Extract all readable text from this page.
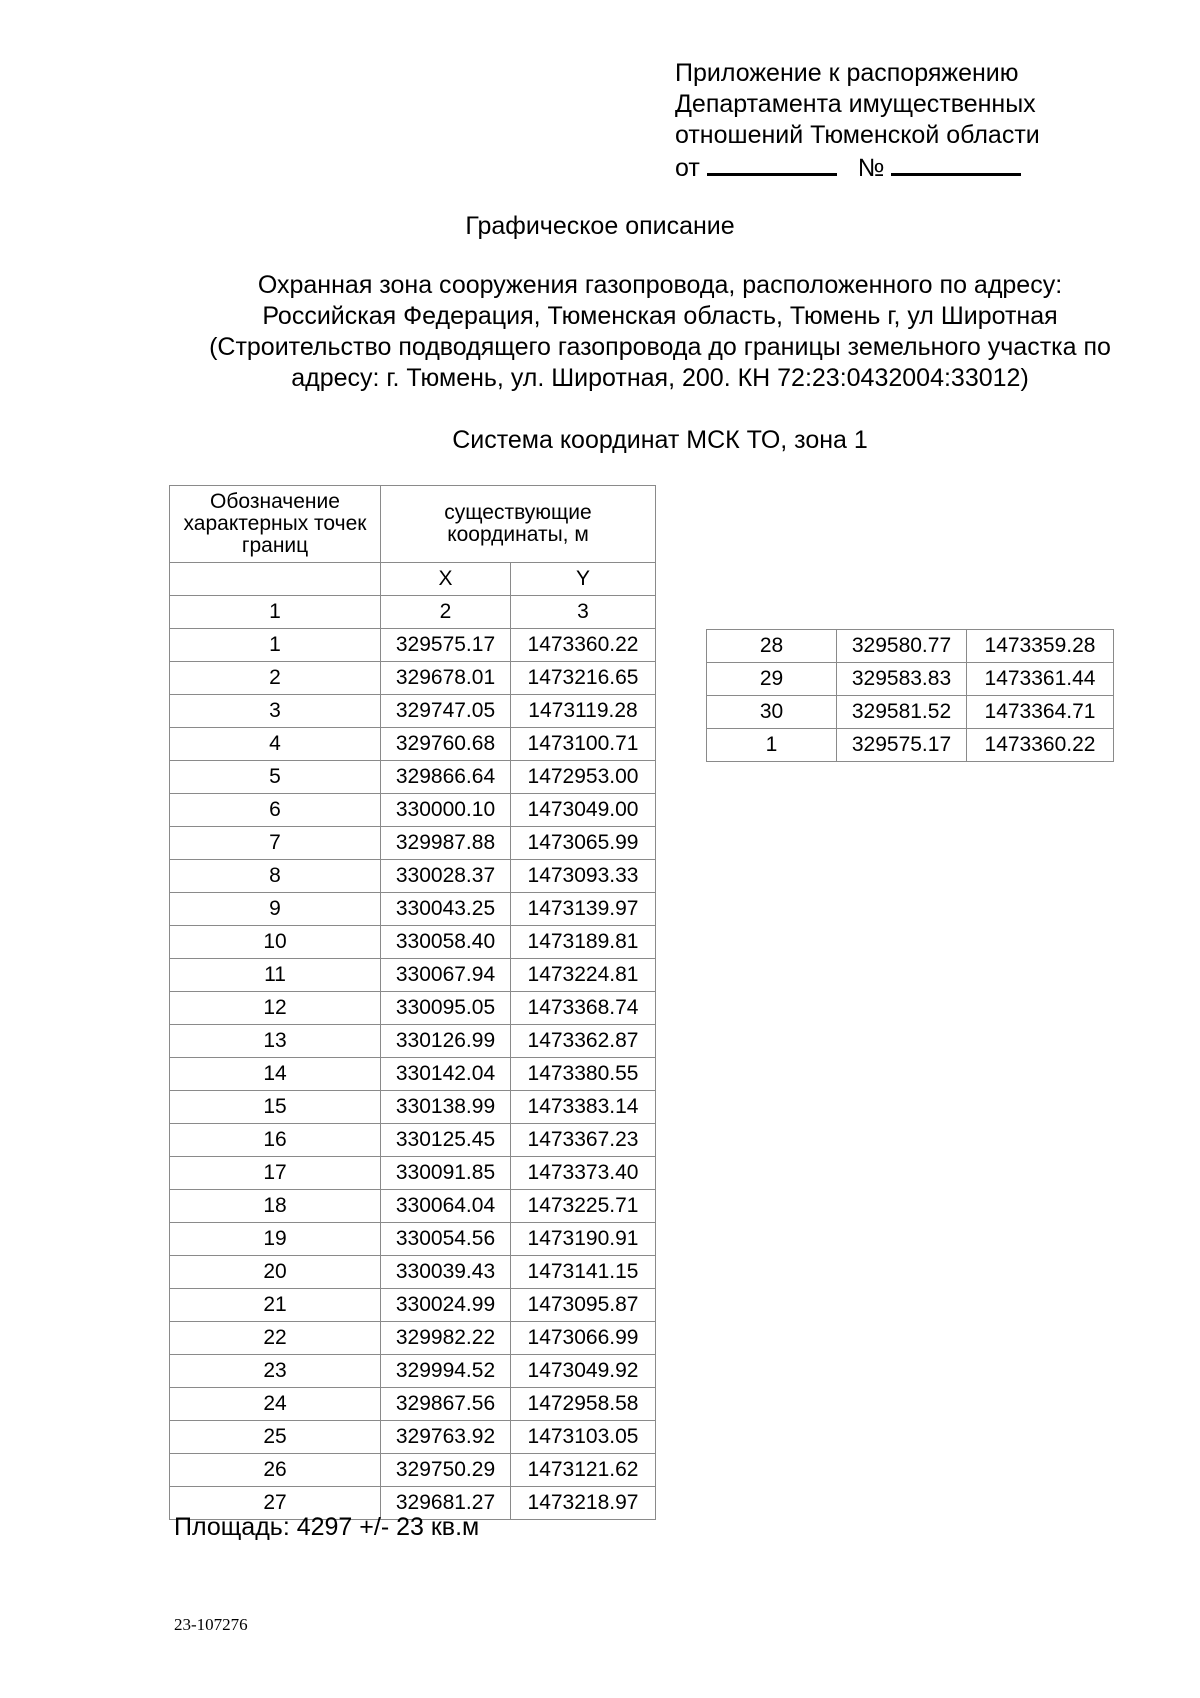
Приложение к распоряжению
Департамента имущественных
отношений Тюменской области
от	№
Графическое описание
Охранная зона сооружения газопровода, расположенного по адресу:
Российская Федерация, Тюменская область, Тюмень г, ул Широтная
(Строительство подводящего газопровода до границы земельного участка по
адресу: г. Тюмень, ул. Широтная, 200. КН 72:23:0432004:33012)
Система координат МСК ТО, зона 1
Обозначение характерных точек границ	существующие координаты, м	
	X	Y
1	2	3
1	329575.17	1473360.22
2	329678.01	1473216.65
3	329747.05	1473119.28
4	329760.68	1473100.71
5	329866.64	1472953.00
6	330000.10	1473049.00
7	329987.88	1473065.99
8	330028.37	1473093.33
9	330043.25	1473139.97
10	330058.40	1473189.81
11	330067.94	1473224.81
12	330095.05	1473368.74
13	330126.99	1473362.87
14	330142.04	1473380.55
15	330138.99	1473383.14
16	330125.45	1473367.23
17	330091.85	1473373.40
18	330064.04	1473225.71
19	330054.56	1473190.91
20	330039.43	1473141.15
21	330024.99	1473095.87
22	329982.22	1473066.99
23	329994.52	1473049.92
24	329867.56	1472958.58
25	329763.92	1473103.05
26	329750.29	1473121.62
27	329681.27	1473218.97
28	329580.77	1473359.28
29	329583.83	1473361.44
30	329581.52	1473364.71
1	329575.17	1473360.22
Площадь: 4297 +/- 23 кв.м
23-107276
